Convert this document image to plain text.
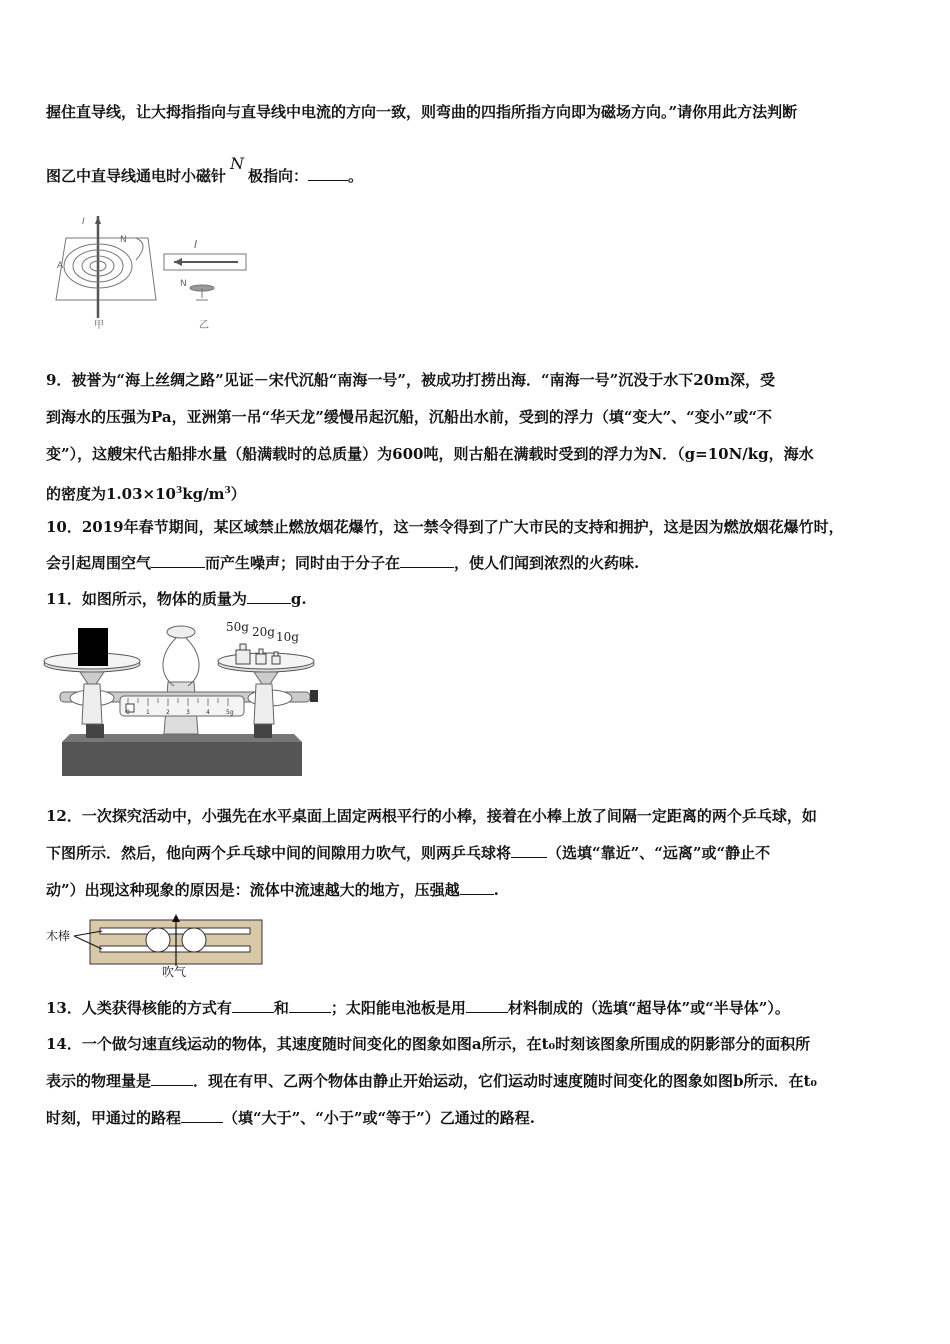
握住直导线，让大拇指指向与直导线中电流的方向一致，则弯曲的四指所指方向即为磁场方向。”请你用此方法判断
图乙中直导线通电时小磁针N极指向：	。
I
N
A
I
N
甲	乙
9．被誉为“海上丝绸之路”见证－宋代沉船“南海一号”，被成功打捞出海．“南海一号”沉没于水下20m深，受
到海水的压强为Pa，亚洲第一吊“华天龙”缓慢吊起沉船，沉船出水前，受到的浮力（填“变大”、“变小”或“不
变”），这艘宋代古船排水量（船满载时的总质量）为600吨，则古船在满载时受到的浮力为N．（g=10N/kg，海水
的密度为$1.03\times 10^3kg/m^3$）
10．2019年春节期间，某区域禁止燃放烟花爆竹，这一禁令得到了广大市民的支持和拥护，这是因为燃放烟花爆竹时，
会引起周围空气	而产生噪声；同时由于分子在	，使人们闻到浓烈的火药味.
11．如图所示，物体的质量为	g.
0	1	2	3	4	5g
50g 20g 10g
12．一次探究活动中，小强先在水平桌面上固定两根平行的小棒，接着在小棒上放了间隔一定距离的两个乒乓球，如
下图所示．然后，他向两个乒乓球中间的间隙用力吹气，则两乒乓球将 （选填“靠近”、“远离”或“静止不
动”）出现这种现象的原因是：流体中流速越大的地方，压强越 .
木棒
吹气
13．人类获得核能的方式有	和	；太阳能电池板是用	材料制成的（选填“超导体”或“半导体”）。
14．一个做匀速直线运动的物体，其速度随时间变化的图象如图a所示，在t₀时刻该图象所围成的阴影部分的面积所
表示的物理量是	．现在有甲、乙两个物体由静止开始运动，它们运动时速度随时间变化的图象如图b所示．在t₀
时刻，甲通过的路程	（填“大于”、“小于”或“等于”）乙通过的路程.
